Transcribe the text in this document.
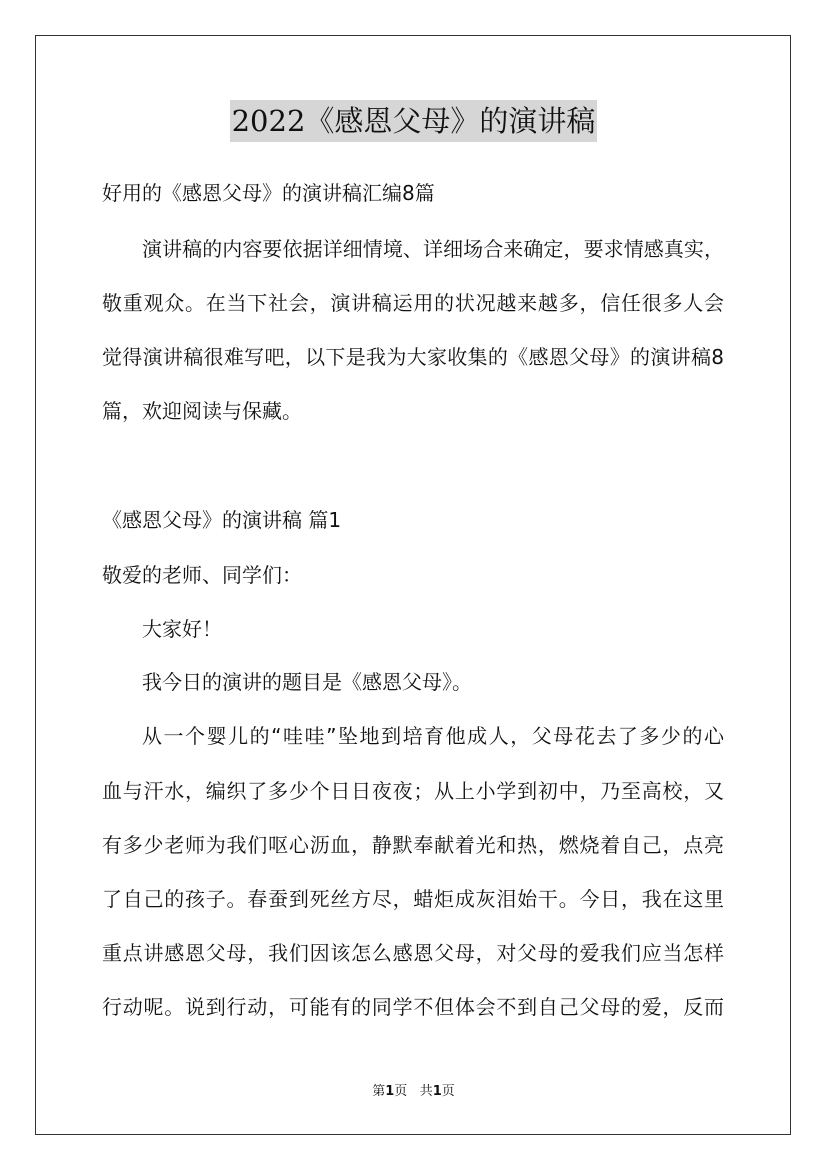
2022《感恩父母》的演讲稿
好用的《感恩父母》的演讲稿汇编8篇
演讲稿的内容要依据详细情境、详细场合来确定，要求情感真实，
敬重观众。在当下社会，演讲稿运用的状况越来越多，信任很多人会
觉得演讲稿很难写吧，以下是我为大家收集的《感恩父母》的演讲稿8
篇，欢迎阅读与保藏。
《感恩父母》的演讲稿 篇1
敬爱的老师、同学们：
大家好！
我今日的演讲的题目是《感恩父母》。
从一个婴儿的“哇哇”坠地到培育他成人，父母花去了多少的心
血与汗水，编织了多少个日日夜夜；从上小学到初中，乃至高校，又
有多少老师为我们呕心沥血，静默奉献着光和热，燃烧着自己，点亮
了自己的孩子。春蚕到死丝方尽，蜡炬成灰泪始干。今日，我在这里
重点讲感恩父母，我们因该怎么感恩父母，对父母的爱我们应当怎样
行动呢。说到行动，可能有的同学不但体会不到自己父母的爱，反而
第1页   共1页
